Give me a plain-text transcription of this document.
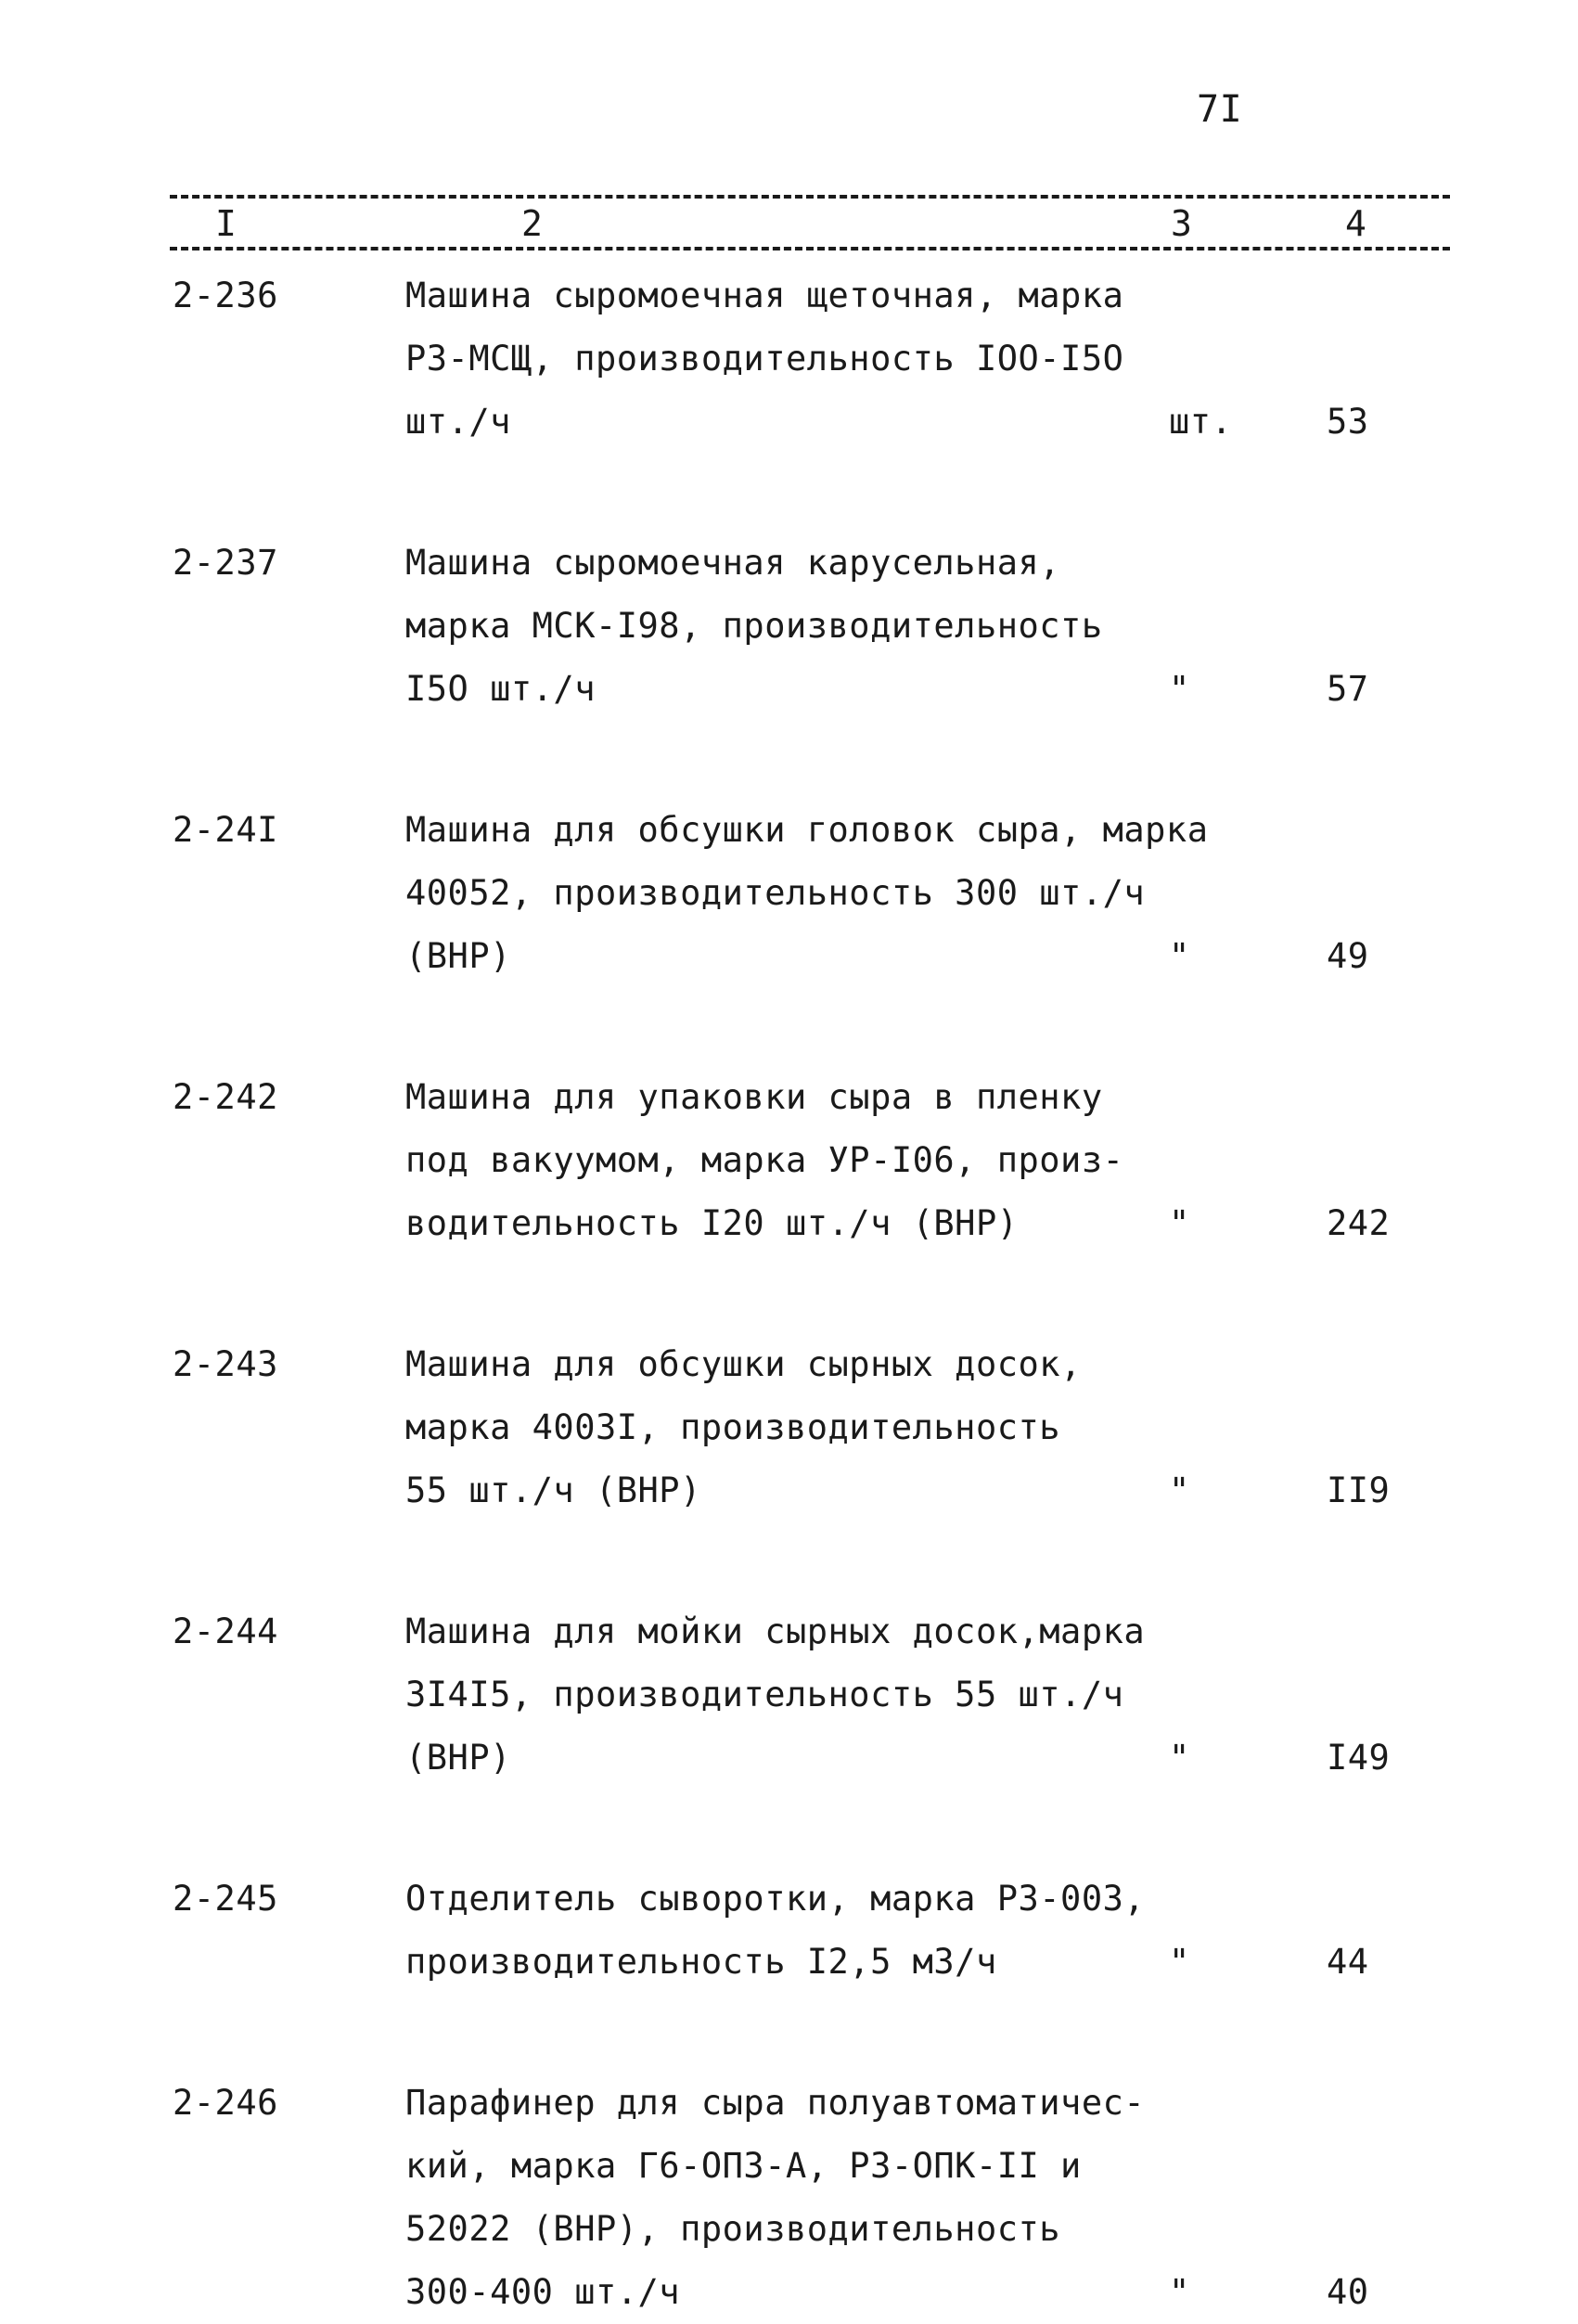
7I
I	2	3	4
2-236	Машина сыромоечная щеточная, марка
РЗ-МСЩ, производительность IOO-I5O
шт./ч	шт.	53
2-237	Машина сыромоечная карусельная,
марка МСК-I98, производительность
I5O шт./ч	"	57
2-24I	Машина для обсушки головок сыра, марка
40052, производительность 300 шт./ч
(ВНР)	"	49
2-242	Машина для упаковки сыра в пленку
под вакуумом, марка УР-I06, произ-
водительность I20 шт./ч (ВНР)	"	242
2-243	Машина для обсушки сырных досок,
марка 4003I, производительность
55 шт./ч (ВНР)	"	II9
2-244	Машина для мойки сырных досок,марка
3I4I5, производительность 55 шт./ч
(ВНР)	"	I49
2-245	Отделитель сыворотки, марка РЗ-003,
производительность I2,5 м3/ч	"	44
2-246	Парафинер для сыра полуавтоматичес-
кий, марка Г6-ОПЗ-А, РЗ-ОПК-II и
52022 (ВНР), производительность
300-400 шт./ч	"	40
